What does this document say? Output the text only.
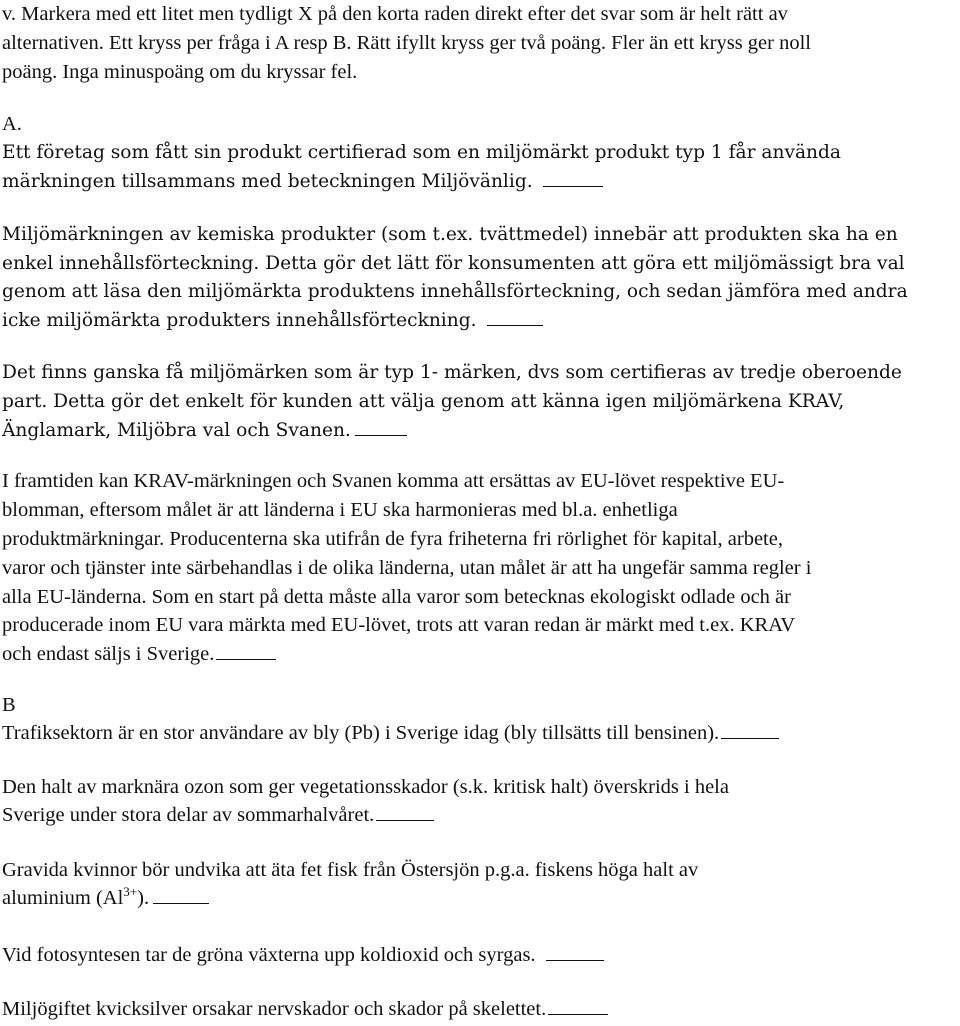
v. Markera med ett litet men tydligt X på den korta raden direkt efter det svar som är helt rätt av
alternativen. Ett kryss per fråga i A resp B. Rätt ifyllt kryss ger två poäng. Fler än ett kryss ger noll
poäng. Inga minuspoäng om du kryssar fel.
A.
Ett företag som fått sin produkt certifierad som en miljömärkt produkt typ 1 får använda
märkningen tillsammans med beteckningen Miljövänlig.
Miljömärkningen av kemiska produkter (som t.ex. tvättmedel) innebär att produkten ska ha en
enkel innehållsförteckning. Detta gör det lätt för konsumenten att göra ett miljömässigt bra val
genom att läsa den miljömärkta produktens innehållsförteckning, och sedan jämföra med andra
icke miljömärkta produkters innehållsförteckning.
Det finns ganska få miljömärken som är typ 1- märken, dvs som certifieras av tredje oberoende
part. Detta gör det enkelt för kunden att välja genom att känna igen miljömärkena KRAV,
Änglamark, Miljöbra val och Svanen.
I framtiden kan KRAV-märkningen och Svanen komma att ersättas av EU-lövet respektive EU-
blomman, eftersom målet är att länderna i EU ska harmonieras med bl.a. enhetliga
produktmärkningar. Producenterna ska utifrån de fyra friheterna fri rörlighet för kapital, arbete,
varor och tjänster inte särbehandlas i de olika länderna, utan målet är att ha ungefär samma regler i
alla EU-länderna. Som en start på detta måste alla varor som betecknas ekologiskt odlade och är
producerade inom EU vara märkta med EU-lövet, trots att varan redan är märkt med t.ex. KRAV
och endast säljs i Sverige.
B
Trafiksektorn är en stor användare av bly (Pb) i Sverige idag (bly tillsätts till bensinen).
Den halt av marknära ozon som ger vegetationsskador (s.k. kritisk halt) överskrids i hela
Sverige under stora delar av sommarhalvåret.
Gravida kvinnor bör undvika att äta fet fisk från Östersjön p.g.a. fiskens höga halt av
aluminium $(Al^{3+})$.
Vid fotosyntesen tar de gröna växterna upp koldioxid och syrgas.
Miljögiftet kvicksilver orsakar nervskador och skador på skelettet.
